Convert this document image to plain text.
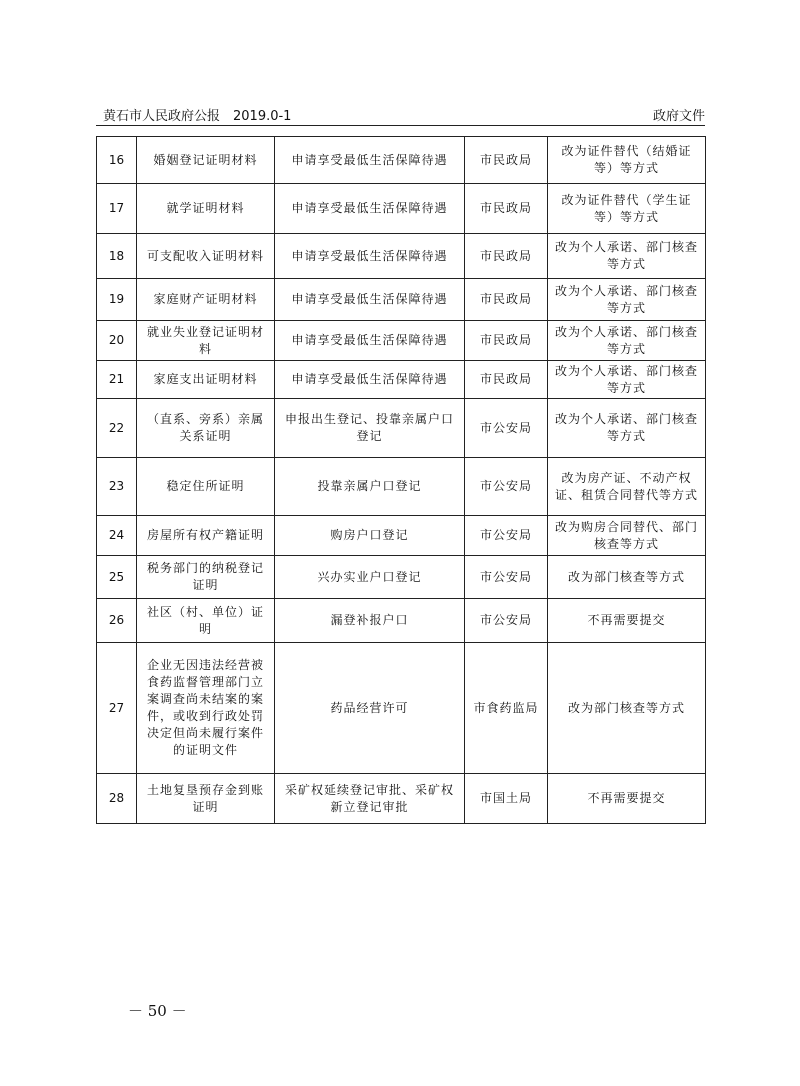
黄石市人民政府公报　2019.0-1	政府文件
16	婚姻登记证明材料	申请享受最低生活保障待遇	市民政局	改为证件替代（结婚证等）等方式
17	就学证明材料	申请享受最低生活保障待遇	市民政局	改为证件替代（学生证等）等方式
18	可支配收入证明材料	申请享受最低生活保障待遇	市民政局	改为个人承诺、部门核查等方式
19	家庭财产证明材料	申请享受最低生活保障待遇	市民政局	改为个人承诺、部门核查等方式
20	就业失业登记证明材料	申请享受最低生活保障待遇	市民政局	改为个人承诺、部门核查等方式
21	家庭支出证明材料	申请享受最低生活保障待遇	市民政局	改为个人承诺、部门核查等方式
22	（直系、旁系）亲属关系证明	申报出生登记、投靠亲属户口登记	市公安局	改为个人承诺、部门核查等方式
23	稳定住所证明	投靠亲属户口登记	市公安局	改为房产证、不动产权证、租赁合同替代等方式
24	房屋所有权产籍证明	购房户口登记	市公安局	改为购房合同替代、部门核查等方式
25	税务部门的纳税登记证明	兴办实业户口登记	市公安局	改为部门核查等方式
26	社区（村、单位）证明	漏登补报户口	市公安局	不再需要提交
27	企业无因违法经营被食药监督管理部门立案调查尚未结案的案件，或收到行政处罚决定但尚未履行案件的证明文件	药品经营许可	市食药监局	改为部门核查等方式
28	土地复垦预存金到账证明	采矿权延续登记审批、采矿权新立登记审批	市国土局	不再需要提交
－ 50 －
